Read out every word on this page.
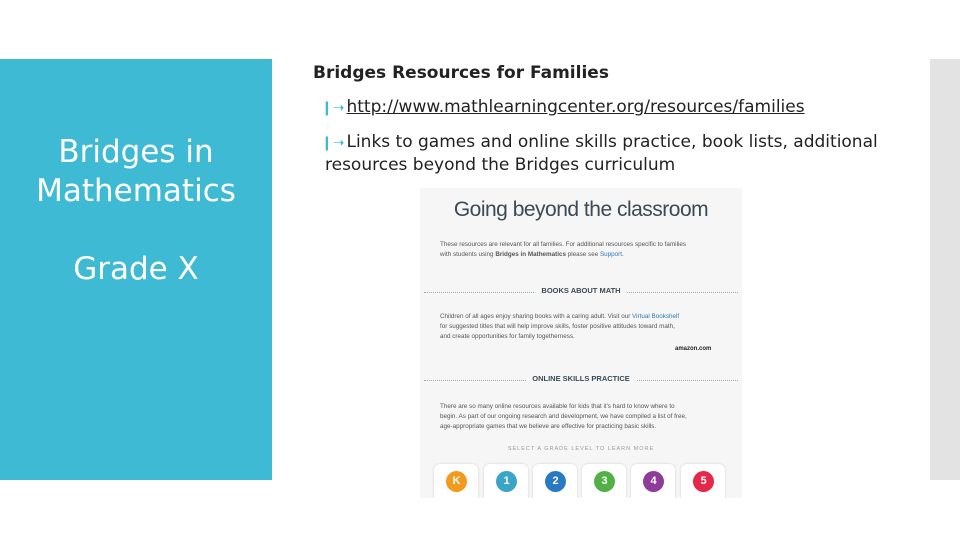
Bridges in
Mathematics
Grade X
Bridges Resources for Families
❙➝ http://www.mathlearningcenter.org/resources/families
❙➝ Links to games and online skills practice, book lists, additional
resources beyond the Bridges curriculum
Going beyond the classroom
These resources are relevant for all families. For additional resources specific to families
with students using Bridges in Mathematics please see Support.
BOOKS ABOUT MATH
Children of all ages enjoy sharing books with a caring adult. Visit our Virtual Bookshelf
for suggested titles that will help improve skills, foster positive attitudes toward math,
and create opportunities for family togetherness.
amazon.com
ONLINE SKILLS PRACTICE
There are so many online resources available for kids that it's hard to know where to
begin. As part of our ongoing research and development, we have compiled a list of free,
age-appropriate games that we believe are effective for practicing basic skills.
SELECT A GRADE LEVEL TO LEARN MORE
K	1	2	3	4	5
